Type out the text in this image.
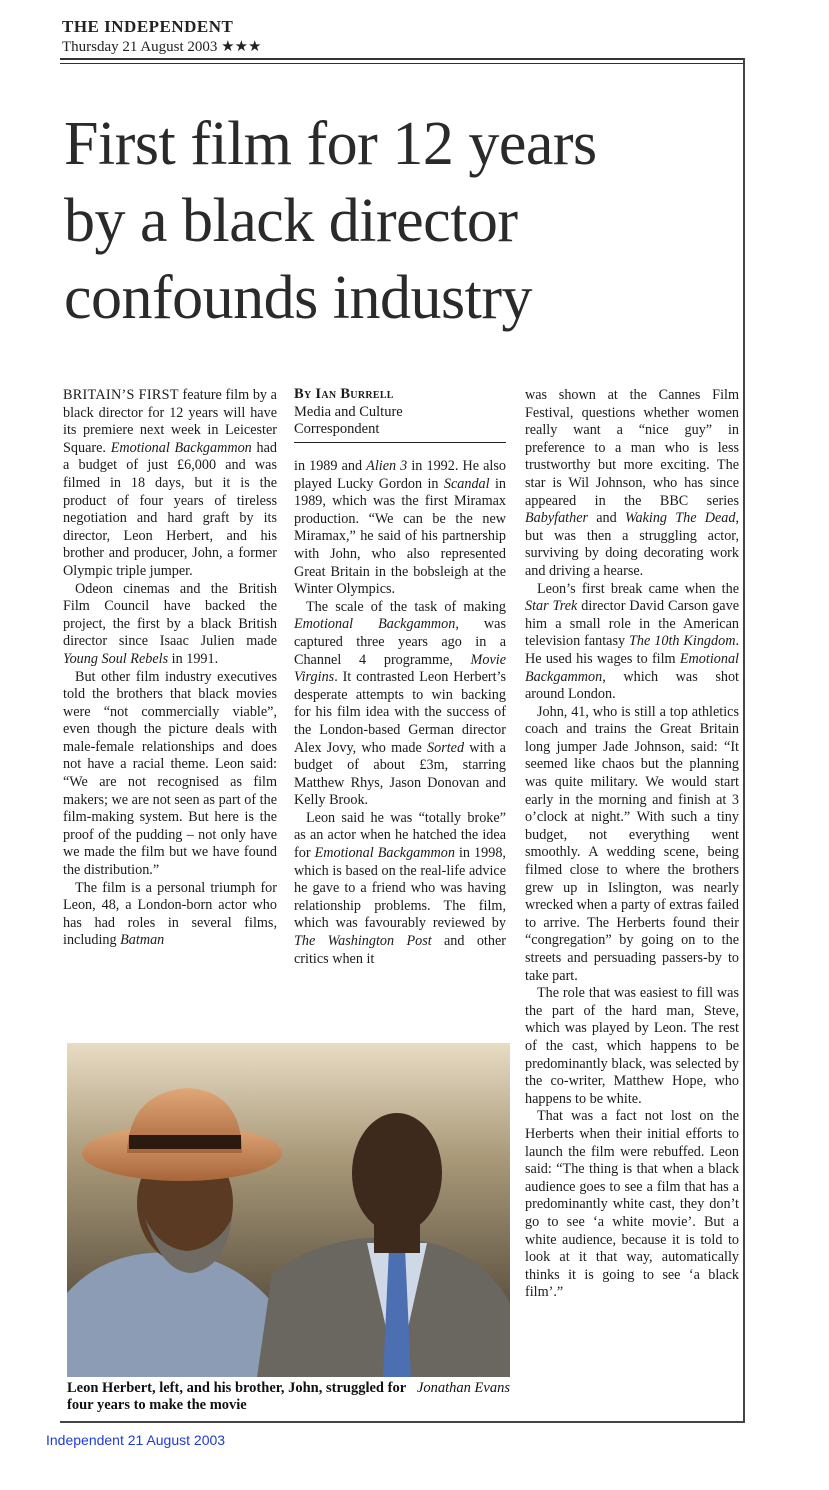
THE INDEPENDENT
Thursday 21 August 2003 ★★★
First film for 12 years
by a black director
confounds industry

BRITAIN’S FIRST feature film by a black director for 12 years will have its premiere next week in Leicester Square. Emotional Backgammon had a budget of just £6,000 and was filmed in 18 days, but it is the product of four years of tireless negotiation and hard graft by its director, Leon Herbert, and his brother and producer, John, a former Olympic triple jumper.

Odeon cinemas and the British Film Council have backed the project, the first by a black British director since Isaac Julien made Young Soul Rebels in 1991.

But other film industry executives told the brothers that black movies were “not commercially viable”, even though the picture deals with male-female relationships and does not have a racial theme. Leon said: “We are not recognised as film makers; we are not seen as part of the film-making system. But here is the proof of the pudding – not only have we made the film but we have found the distribution.”

The film is a personal triumph for Leon, 48, a London-born actor who has had roles in several films, including Batman

By Ian Burrell
Media and Culture
Correspondent

in 1989 and Alien 3 in 1992. He also played Lucky Gordon in Scandal in 1989, which was the first Miramax production. “We can be the new Miramax,” he said of his partnership with John, who also represented Great Britain in the bobsleigh at the Winter Olympics.

The scale of the task of making Emotional Backgammon, was captured three years ago in a Channel 4 programme, Movie Virgins. It contrasted Leon Herbert’s desperate attempts to win backing for his film idea with the success of the London-based German director Alex Jovy, who made Sorted with a budget of about £3m, starring Matthew Rhys, Jason Donovan and Kelly Brook.

Leon said he was “totally broke” as an actor when he hatched the idea for Emotional Backgammon in 1998, which is based on the real-life advice he gave to a friend who was having relationship problems. The film, which was favourably reviewed by The Washington Post and other critics when it

was shown at the Cannes Film Festival, questions whether women really want a “nice guy” in preference to a man who is less trustworthy but more exciting. The star is Wil Johnson, who has since appeared in the BBC series Babyfather and Waking The Dead, but was then a struggling actor, surviving by doing decorating work and driving a hearse.

Leon’s first break came when the Star Trek director David Carson gave him a small role in the American television fantasy The 10th Kingdom. He used his wages to film Emotional Backgammon, which was shot around London.

John, 41, who is still a top athletics coach and trains the Great Britain long jumper Jade Johnson, said: “It seemed like chaos but the planning was quite military. We would start early in the morning and finish at 3 o’clock at night.” With such a tiny budget, not everything went smoothly. A wedding scene, being filmed close to where the brothers grew up in Islington, was nearly wrecked when a party of extras failed to arrive. The Herberts found their “congregation” by going on to the streets and persuading passers-by to take part.

The role that was easiest to fill was the part of the hard man, Steve, which was played by Leon. The rest of the cast, which happens to be predominantly black, was selected by the co-writer, Matthew Hope, who happens to be white.

That was a fact not lost on the Herberts when their initial efforts to launch the film were rebuffed. Leon said: “The thing is that when a black audience goes to see a film that has a predominantly white cast, they don’t go to see ‘a white movie’. But a white audience, because it is told to look at it that way, automatically thinks it is going to see ‘a black film’.”

Jonathan Evans
Leon Herbert, left, and his brother, John, struggled for four years to make the movie
Independent 21 August 2003
